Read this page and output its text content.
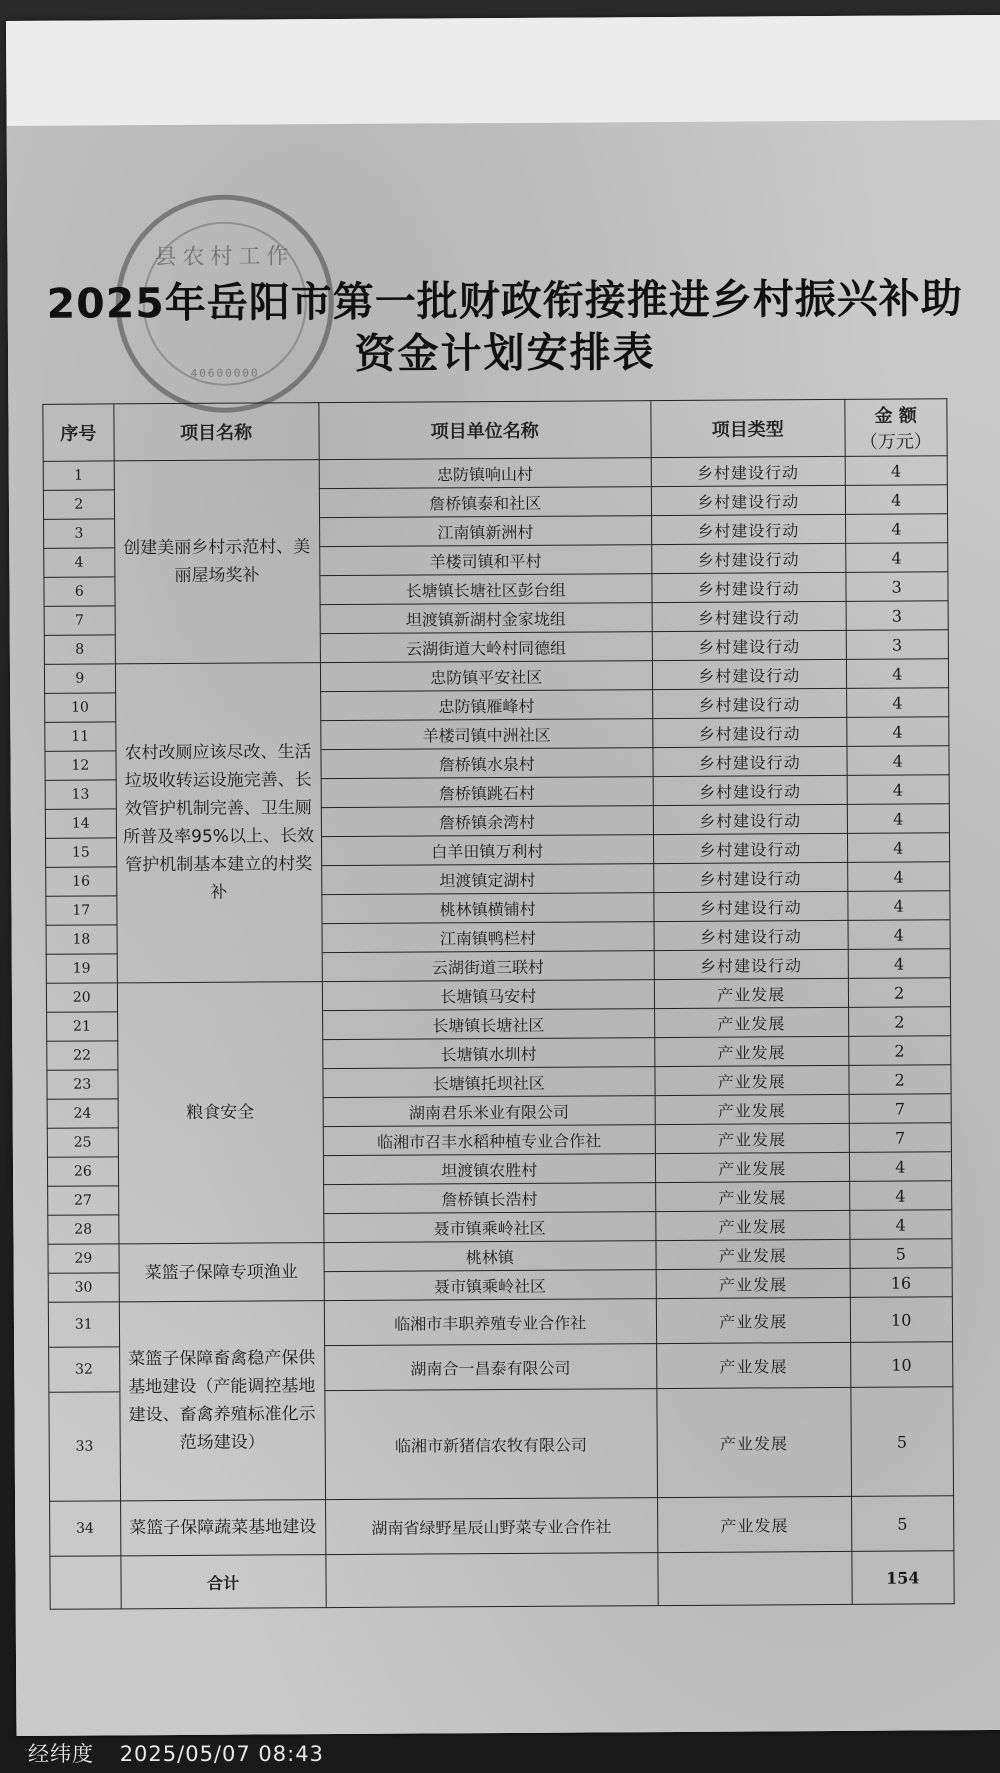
县农村工作
40600000
2025年岳阳市第一批财政衔接推进乡村振兴补助
资金计划安排表
序号	项目名称	项目单位名称	项目类型	金 额
（万元）

1	创建美丽乡村示范村、美丽屋场奖补	忠防镇响山村	乡村建设行动	4
2		詹桥镇泰和社区	乡村建设行动	4
3		江南镇新洲村	乡村建设行动	4
4		羊楼司镇和平村	乡村建设行动	4
6		长塘镇长塘社区彭台组	乡村建设行动	3
7		坦渡镇新湖村金家垅组	乡村建设行动	3
8		云湖街道大岭村同德组	乡村建设行动	3
9	农村改厕应该尽改、生活垃圾收转运设施完善、长效管护机制完善、卫生厕所普及率95%以上、长效管护机制基本建立的村奖补	忠防镇平安社区	乡村建设行动	4
10		忠防镇雁峰村	乡村建设行动	4
11		羊楼司镇中洲社区	乡村建设行动	4
12		詹桥镇水泉村	乡村建设行动	4
13		詹桥镇跳石村	乡村建设行动	4
14		詹桥镇余湾村	乡村建设行动	4
15		白羊田镇万利村	乡村建设行动	4
16		坦渡镇定湖村	乡村建设行动	4
17		桃林镇横铺村	乡村建设行动	4
18		江南镇鸭栏村	乡村建设行动	4
19		云湖街道三联村	乡村建设行动	4
20	粮食安全	长塘镇马安村	产业发展	2
21		长塘镇长塘社区	产业发展	2
22		长塘镇水圳村	产业发展	2
23		长塘镇托坝社区	产业发展	2
24		湖南君乐米业有限公司	产业发展	7
25		临湘市召丰水稻种植专业合作社	产业发展	7
26		坦渡镇农胜村	产业发展	4
27		詹桥镇长浩村	产业发展	4
28		聂市镇乘岭社区	产业发展	4
29	菜篮子保障专项渔业	桃林镇	产业发展	5
30		聂市镇乘岭社区	产业发展	16
31	菜篮子保障畜禽稳产保供基地建设（产能调控基地建设、畜禽养殖标准化示范场建设）	临湘市丰职养殖专业合作社	产业发展	10
32		湖南合一昌泰有限公司	产业发展	10
33		临湘市新猪信农牧有限公司	产业发展	5
34	菜篮子保障蔬菜基地建设	湖南省绿野星辰山野菜专业合作社	产业发展	5
	合计			154
经纬度 2025/05/07 08:43
